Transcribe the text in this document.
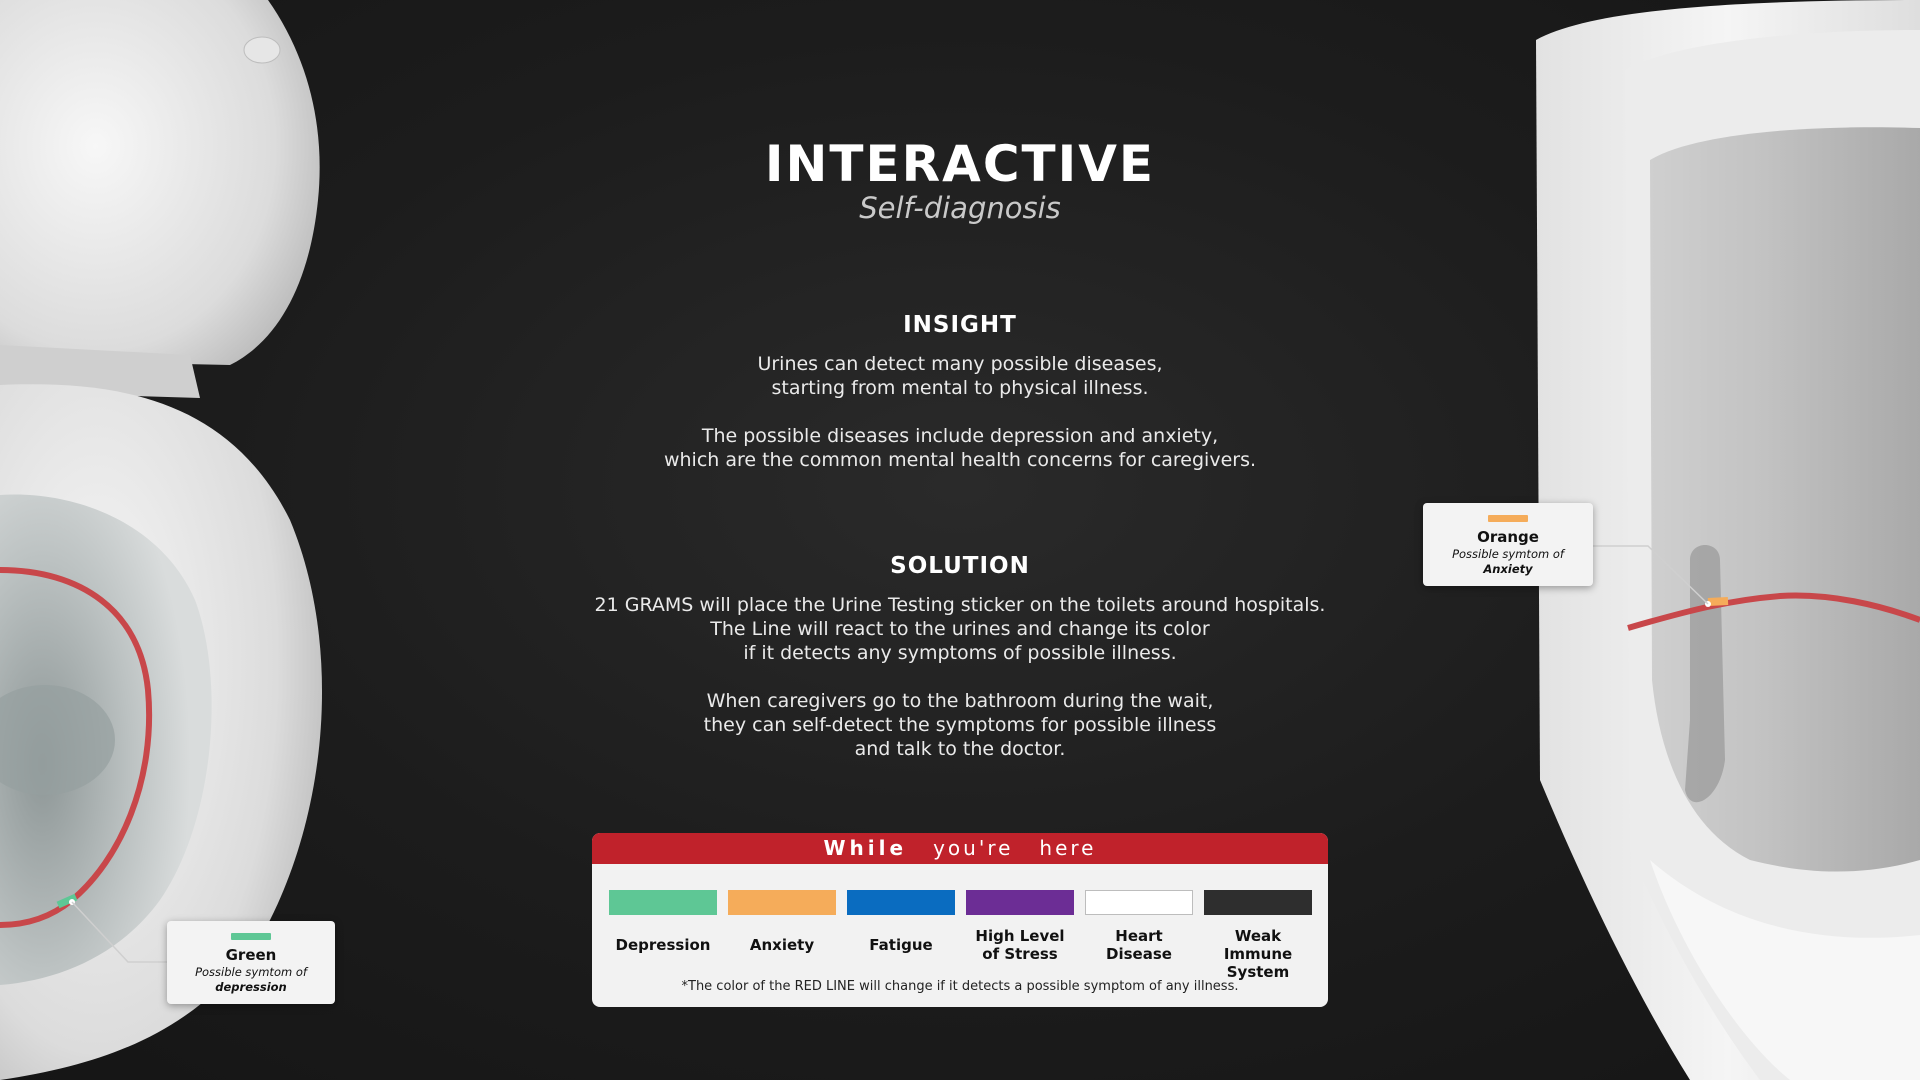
INTERACTIVE
Self-diagnosis
INSIGHT
Urines can detect many possible diseases,
starting from mental to physical illness.
The possible diseases include depression and anxiety,
which are the common mental health concerns for caregivers.
SOLUTION
21 GRAMS will place the Urine Testing sticker on the toilets around hospitals.
The Line will react to the urines and change its color
if it detects any symptoms of possible illness.
When caregivers go to the bathroom during the wait,
they can self-detect the symptoms for possible illness
and talk to the doctor.
Green
Possible symtom of
depression
Orange
Possible symtom of
Anxiety
While you're here
Depression	Anxiety	Fatigue	High Level
of Stress
Heart
Disease
Weak Immune
System
*The color of the RED LINE will change if it detects a possible symptom of any illness.
